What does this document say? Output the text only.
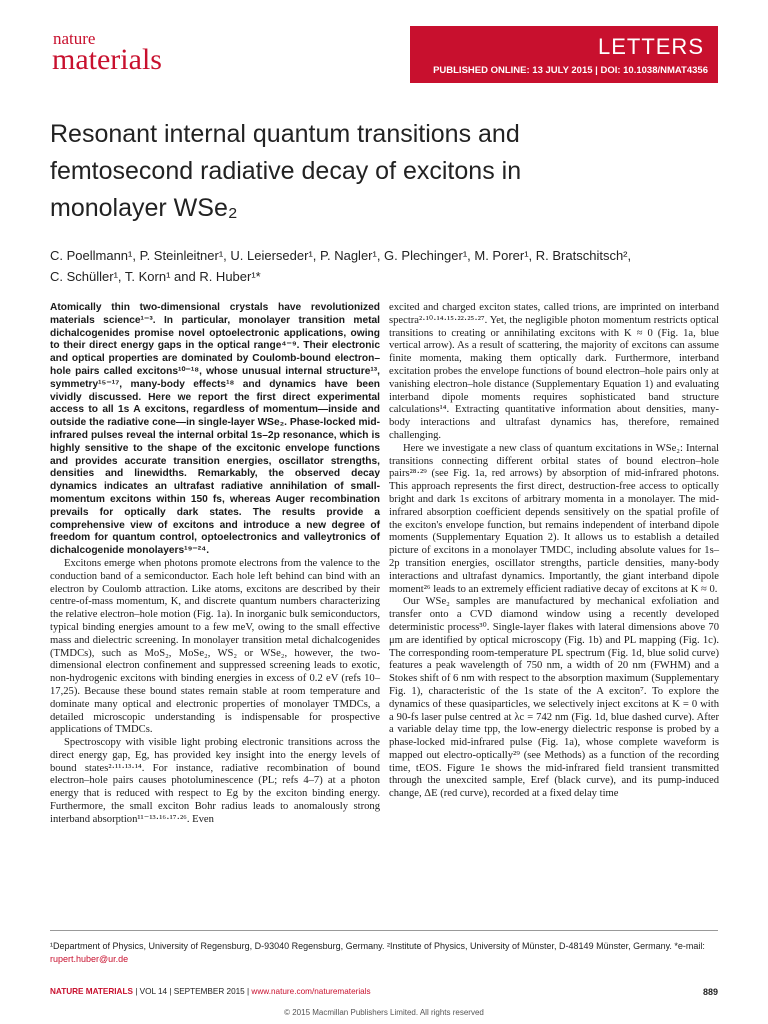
nature
materials	LETTERS
PUBLISHED ONLINE: 13 JULY 2015 | DOI: 10.1038/NMAT4356
Resonant internal quantum transitions and
femtosecond radiative decay of excitons in
monolayer WSe₂
C. Poellmann¹, P. Steinleitner¹, U. Leierseder¹, P. Nagler¹, G. Plechinger¹, M. Porer¹, R. Bratschitsch²,
C. Schüller¹, T. Korn¹ and R. Huber¹*

Atomically thin two-dimensional crystals have revolutionized materials science¹⁻³. In particular, monolayer transition metal dichalcogenides promise novel optoelectronic applications, owing to their direct energy gaps in the optical range⁴⁻⁹. Their electronic and optical properties are dominated by Coulomb-bound electron–hole pairs called excitons¹⁰⁻¹⁸, whose unusual internal structure¹³, symmetry¹⁵⁻¹⁷, many-body effects¹⁸ and dynamics have been vividly discussed. Here we report the first direct experimental access to all 1s A excitons, regardless of momentum—inside and outside the radiative cone—in single-layer WSe₂. Phase-locked mid-infrared pulses reveal the internal orbital 1s–2p resonance, which is highly sensitive to the shape of the excitonic envelope functions and provides accurate transition energies, oscillator strengths, densities and linewidths. Remarkably, the observed decay dynamics indicates an ultrafast radiative annihilation of small-momentum excitons within 150 fs, whereas Auger recombination prevails for optically dark states. The results provide a comprehensive view of excitons and introduce a new degree of freedom for quantum control, optoelectronics and valleytronics of dichalcogenide monolayers¹⁹⁻²⁴.

Excitons emerge when photons promote electrons from the valence to the conduction band of a semiconductor. Each hole left behind can bind with an electron by Coulomb attraction. Like atoms, excitons are described by their centre-of-mass momentum, K, and discrete quantum numbers characterizing the relative electron–hole motion (Fig. 1a). In inorganic bulk semiconductors, typical binding energies amount to a few meV, owing to the small effective mass and dielectric screening. In monolayer transition metal dichalcogenides (TMDCs), such as MoS₂, MoSe₂, WS₂ or WSe₂, however, the two-dimensional electron confinement and suppressed screening leads to exotic, non-hydrogenic excitons with binding energies in excess of 0.2 eV (refs 10–17,25). Because these bound states remain stable at room temperature and dominate many optical and electronic properties of monolayer TMDCs, a detailed microscopic understanding is indispensable for prospective applications of TMDCs.

Spectroscopy with visible light probing electronic transitions across the direct energy gap, Eg, has provided key insight into the energy levels of bound states²·¹¹·¹³·¹⁴. For instance, radiative recombination of bound electron–hole pairs causes photoluminescence (PL; refs 4–7) at a photon energy that is reduced with respect to Eg by the exciton binding energy. Furthermore, the small exciton Bohr radius leads to anomalously strong interband absorption¹¹⁻¹³·¹⁶·¹⁷·²⁶. Even

excited and charged exciton states, called trions, are imprinted on interband spectra²·¹⁰·¹⁴·¹⁵·²²·²⁵·²⁷. Yet, the negligible photon momentum restricts optical transitions to creating or annihilating excitons with K ≈ 0 (Fig. 1a, blue vertical arrow). As a result of scattering, the majority of excitons can assume finite momenta, making them optically dark. Furthermore, interband excitation probes the envelope functions of bound electron–hole pairs only at vanishing electron–hole distance (Supplementary Equation 1) and evaluating interband dipole moments requires sophisticated band structure calculations¹⁴. Extracting quantitative information about densities, many-body interactions and ultrafast dynamics has, therefore, remained challenging.

Here we investigate a new class of quantum excitations in WSe₂: Internal transitions connecting different orbital states of bound electron–hole pairs²⁸·²⁹ (see Fig. 1a, red arrows) by absorption of mid-infrared photons. This approach represents the first direct, destruction-free access to optically bright and dark 1s excitons of arbitrary momenta in a monolayer. The mid-infrared absorption coefficient depends sensitively on the spatial profile of the exciton's envelope function, but remains independent of interband dipole moments (Supplementary Equation 2). It allows us to establish a detailed picture of excitons in a monolayer TMDC, including absolute values for 1s–2p transition energies, oscillator strengths, particle densities, many-body interactions and ultrafast dynamics. Importantly, the giant interband dipole moment²⁶ leads to an extremely efficient radiative decay of excitons at K ≈ 0.

Our WSe₂ samples are manufactured by mechanical exfoliation and transfer onto a CVD diamond window using a recently developed deterministic process³⁰. Single-layer flakes with lateral dimensions above 70 μm are identified by optical microscopy (Fig. 1b) and PL mapping (Fig. 1c). The corresponding room-temperature PL spectrum (Fig. 1d, blue solid curve) features a peak wavelength of 750 nm, a width of 20 nm (FWHM) and a Stokes shift of 6 nm with respect to the absorption maximum (Supplementary Fig. 1), characteristic of the 1s state of the A exciton⁷. To explore the dynamics of these quasiparticles, we selectively inject excitons at K = 0 with a 90-fs laser pulse centred at λc = 742 nm (Fig. 1d, blue dashed curve). After a variable delay time tpp, the low-energy dielectric response is probed by a phase-locked mid-infrared pulse (Fig. 1a), whose complete waveform is mapped out electro-optically²⁹ (see Methods) as a function of the recording time, tEOS. Figure 1e shows the mid-infrared field transient transmitted through the unexcited sample, Eref (black curve), and its pump-induced change, ΔE (red curve), recorded at a fixed delay time

¹Department of Physics, University of Regensburg, D-93040 Regensburg, Germany. ²Institute of Physics, University of Münster, D-48149 Münster, Germany. *e-mail: rupert.huber@ur.de
NATURE MATERIALS | VOL 14 | SEPTEMBER 2015 | www.nature.com/naturematerials	889
© 2015 Macmillan Publishers Limited. All rights reserved
